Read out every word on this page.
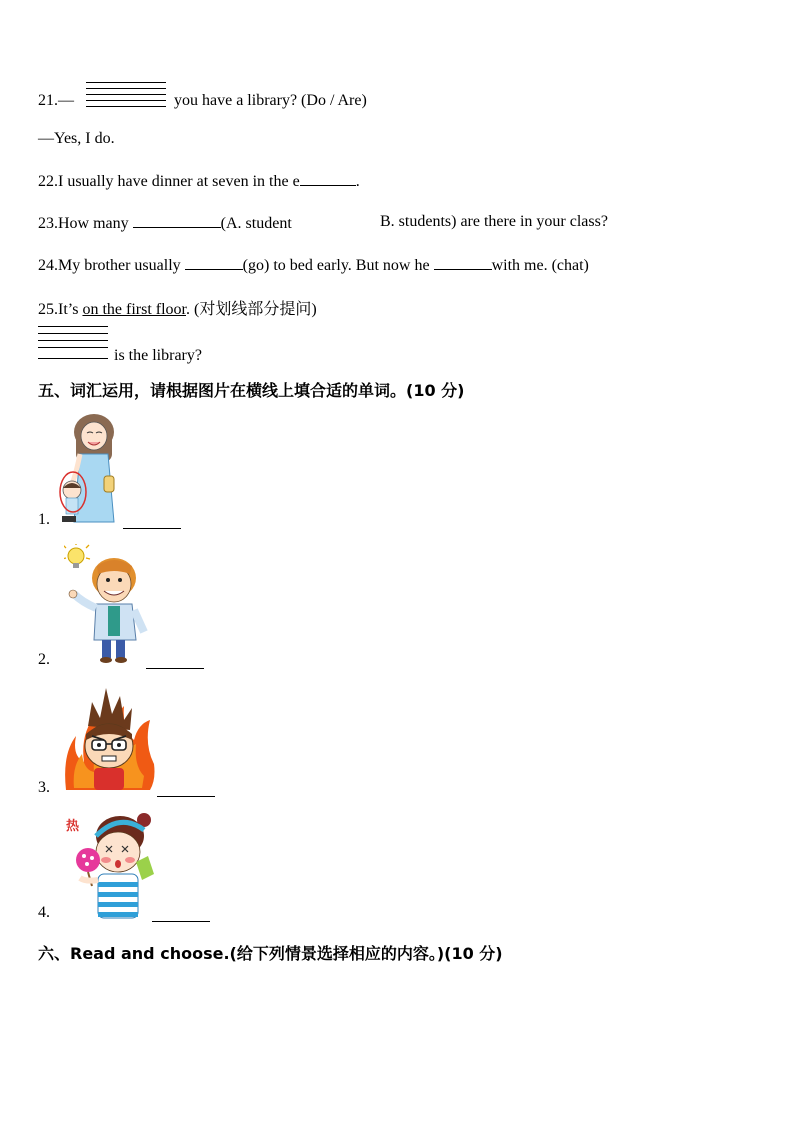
21.—	you have a library? (Do / Are)
—Yes, I do.
22.I usually have dinner at seven in the e	.
23.How many	(A. student	B. students) are there in your class?
24.My brother usually	(go) to bed early. But now he	with me. (chat)
25.It’s on the first floor. (对划线部分提问)
is the library?
五、词汇运用，请根据图片在横线上填合适的单词。(10 分)
1.
2.
3.
热
4.
六、Read and choose.(给下列情景选择相应的内容。)(10 分)
